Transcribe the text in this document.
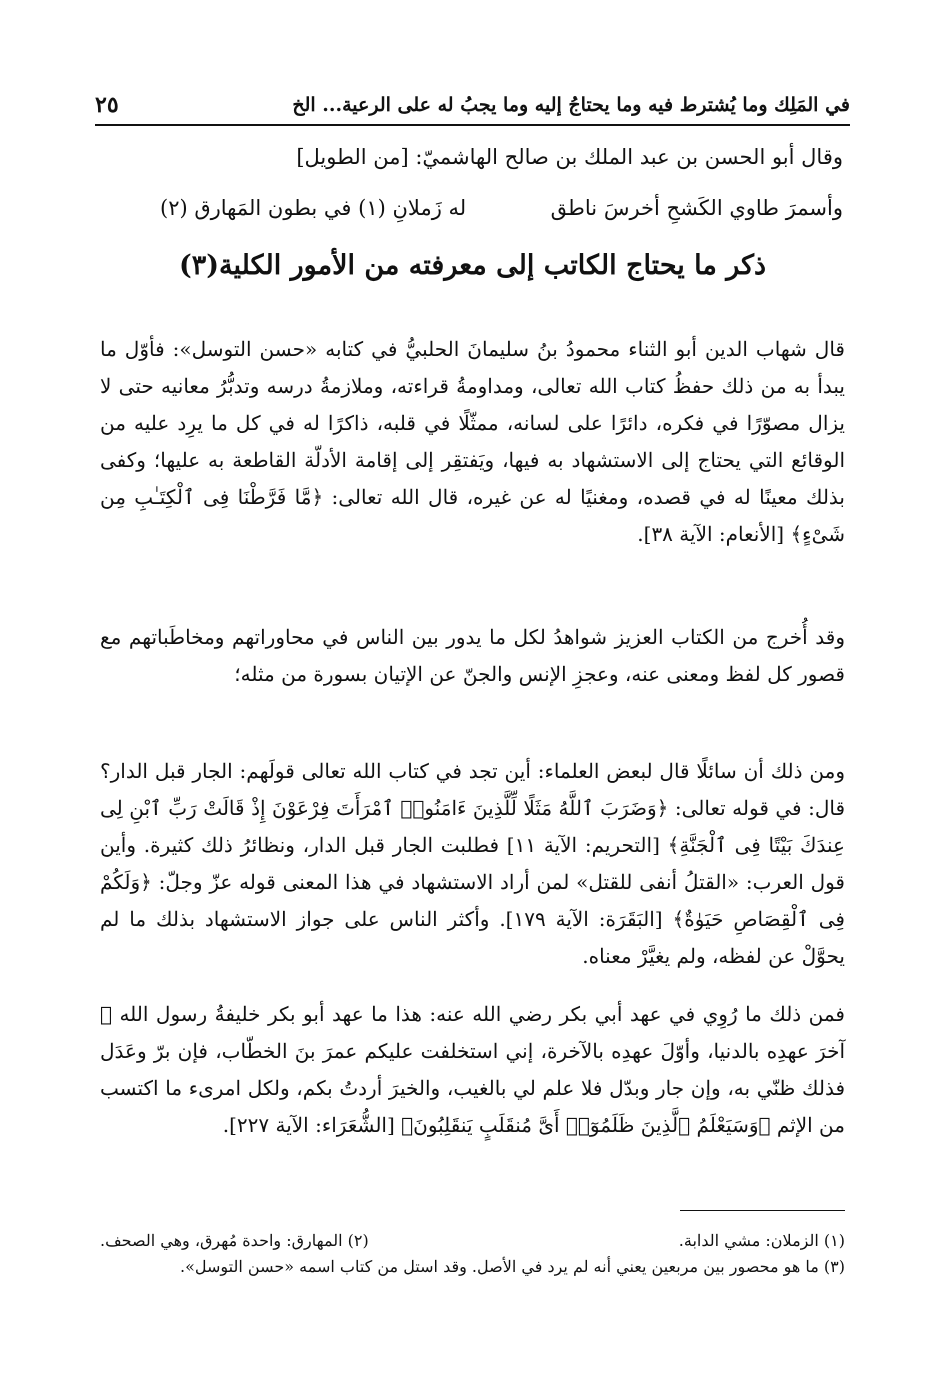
٢٥	في المَلِك وما يُشترط فيه وما يحتاجُ إليه وما يجبُ له على الرعية... الخ
وقال أبو الحسن بن عبد الملك بن صالح الهاشميّ: [من الطويل]
وأسمرَ طاوي الكَشحِ أخرسَ ناطق
له زَملانِ (١) في بطون المَهارق (٢)
ذكر ما يحتاج الكاتب إلى معرفته من الأمور الكلية(٣)

قال شهاب الدين أبو الثناء محمودُ بنُ سليمانَ الحلبيُّ في كتابه «حسن التوسل»: فأوّل ما يبدأ به من ذلك حفظُ كتاب الله تعالى، ومداومةُ قراءته، وملازمةُ درسه وتدبُّرُ معانيه حتى لا يزال مصوّرًا في فكره، دائرًا على لسانه، ممثّلًا في قلبه، ذاكرًا له في كل ما يرِد عليه من الوقائع التي يحتاج إلى الاستشهاد به فيها، ويَفتقِر إلى إقامة الأدلّة القاطعة به عليها؛ وكفى بذلك معينًا له في قصده، ومغنيًا له عن غيره، قال الله تعالى: ﴿مَّا فَرَّطْنَا فِى ٱلْكِتَـٰبِ مِن شَىْءٍ﴾ [الأنعام: الآية ٣٨].

وقد أُخرج من الكتاب العزيز شواهدُ لكل ما يدور بين الناس في محاوراتهم ومخاطَباتهم مع قصور كل لفظ ومعنى عنه، وعجزِ الإنس والجنّ عن الإتيان بسورة من مثله؛

ومن ذلك أن سائلًا قال لبعض العلماء: أين تجد في كتاب الله تعالى قولَهم: الجار قبل الدار؟ قال: في قوله تعالى: ﴿وَضَرَبَ ٱللَّهُ مَثَلًا لِّلَّذِينَ ءَامَنُوا۟ ٱمْرَأَتَ فِرْعَوْنَ إِذْ قَالَتْ رَبِّ ٱبْنِ لِى عِندَكَ بَيْتًا فِى ٱلْجَنَّةِ﴾ [التحريم: الآية ١١] فطلبت الجار قبل الدار، ونظائرُ ذلك كثيرة. وأين قول العرب: «القتلُ أنفى للقتل» لمن أراد الاستشهاد في هذا المعنى قوله عزّ وجلّ: ﴿وَلَكُمْ فِى ٱلْقِصَاصِ حَيَوٰةٌ﴾ [البَقَرَة: الآية ١٧٩]. وأكثر الناس على جواز الاستشهاد بذلك ما لم يحوَّلْ عن لفظه، ولم يغيَّرْ معناه.

فمن ذلك ما رُوِي في عهد أبي بكر رضي الله عنه: هذا ما عهد أبو بكر خليفةُ رسول الله ﷺ آخرَ عهدِه بالدنيا، وأوّلَ عهدِه بالآخرة، إني استخلفت عليكم عمرَ بنَ الخطّاب، فإن برّ وعَدَل فذلك ظنّي به، وإن جار وبدّل فلا علم لي بالغيب، والخيرَ أردتُ بكم، ولكل امرىء ما اكتسب من الإثم ﴿وَسَيَعْلَمُ ٱلَّذِينَ ظَلَمُوٓا۟ أَىَّ مُنقَلَبٍ يَنقَلِبُونَ﴾ [الشُّعَرَاء: الآية ٢٢٧].

(١) الزملان: مشي الدابة.
(٢) المهارق: واحدة مُهرق، وهي الصحف.
(٣) ما هو محصور بين مربعين يعني أنه لم يرد في الأصل. وقد استل من كتاب اسمه «حسن التوسل».
